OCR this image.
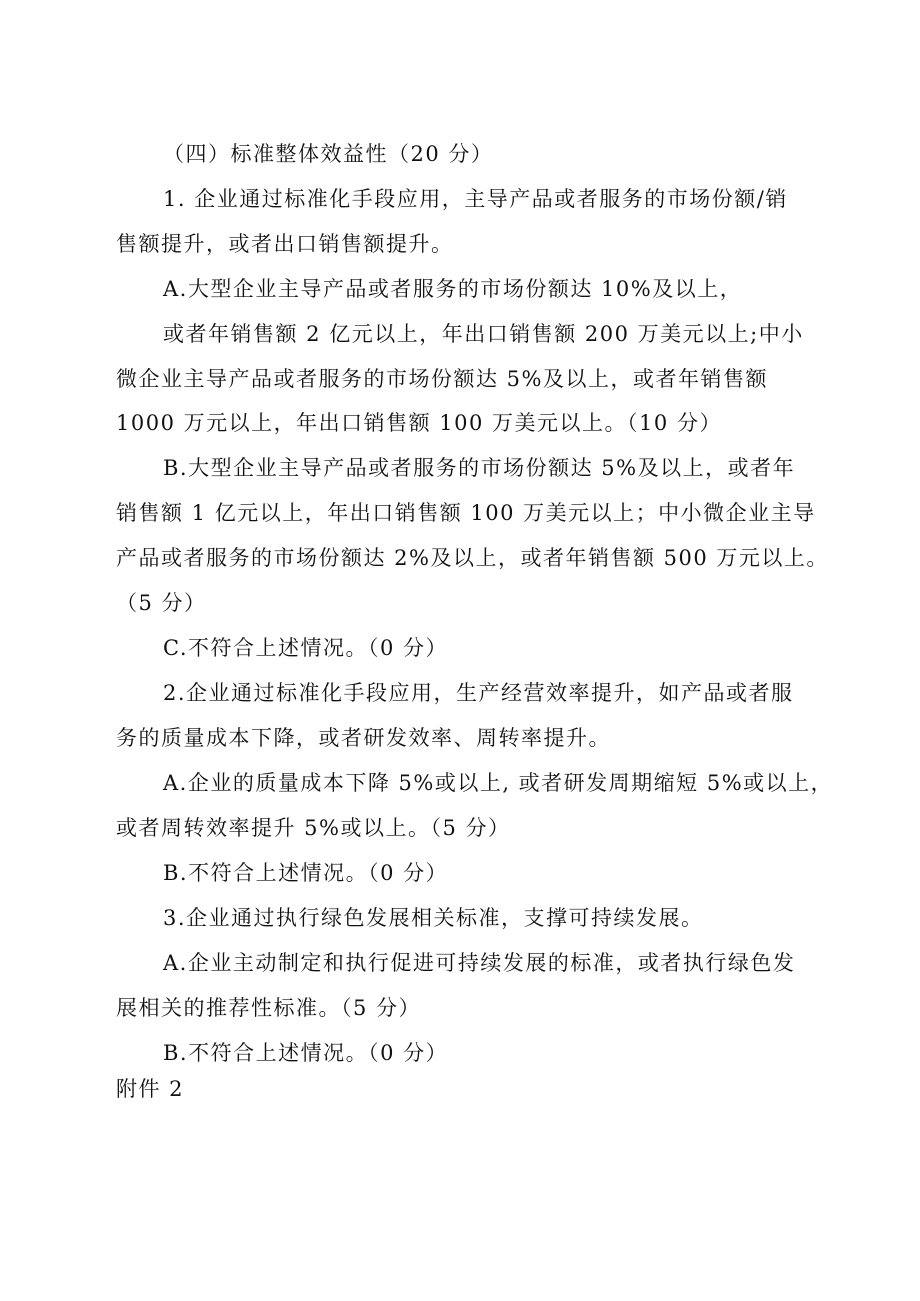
（四）标准整体效益性（20 分）
1. 企业通过标准化手段应用，主导产品或者服务的市场份额/销
售额提升，或者出口销售额提升。
A.大型企业主导产品或者服务的市场份额达 10%及以上，
或者年销售额 2 亿元以上，年出口销售额 200 万美元以上;中小
微企业主导产品或者服务的市场份额达 5%及以上，或者年销售额
1000 万元以上，年出口销售额 100 万美元以上。（10 分）
B.大型企业主导产品或者服务的市场份额达 5%及以上，或者年
销售额 1 亿元以上，年出口销售额 100 万美元以上；中小微企业主导
产品或者服务的市场份额达 2%及以上，或者年销售额 500 万元以上。
（5 分）
C.不符合上述情况。（0 分）
2.企业通过标准化手段应用，生产经营效率提升，如产品或者服
务的质量成本下降，或者研发效率、周转率提升。
A.企业的质量成本下降 5%或以上, 或者研发周期缩短 5%或以上，
或者周转效率提升 5%或以上。（5 分）
B.不符合上述情况。（0 分）
3.企业通过执行绿色发展相关标准，支撑可持续发展。
A.企业主动制定和执行促进可持续发展的标准，或者执行绿色发
展相关的推荐性标准。（5 分）
B.不符合上述情况。（0 分）
附件 2
